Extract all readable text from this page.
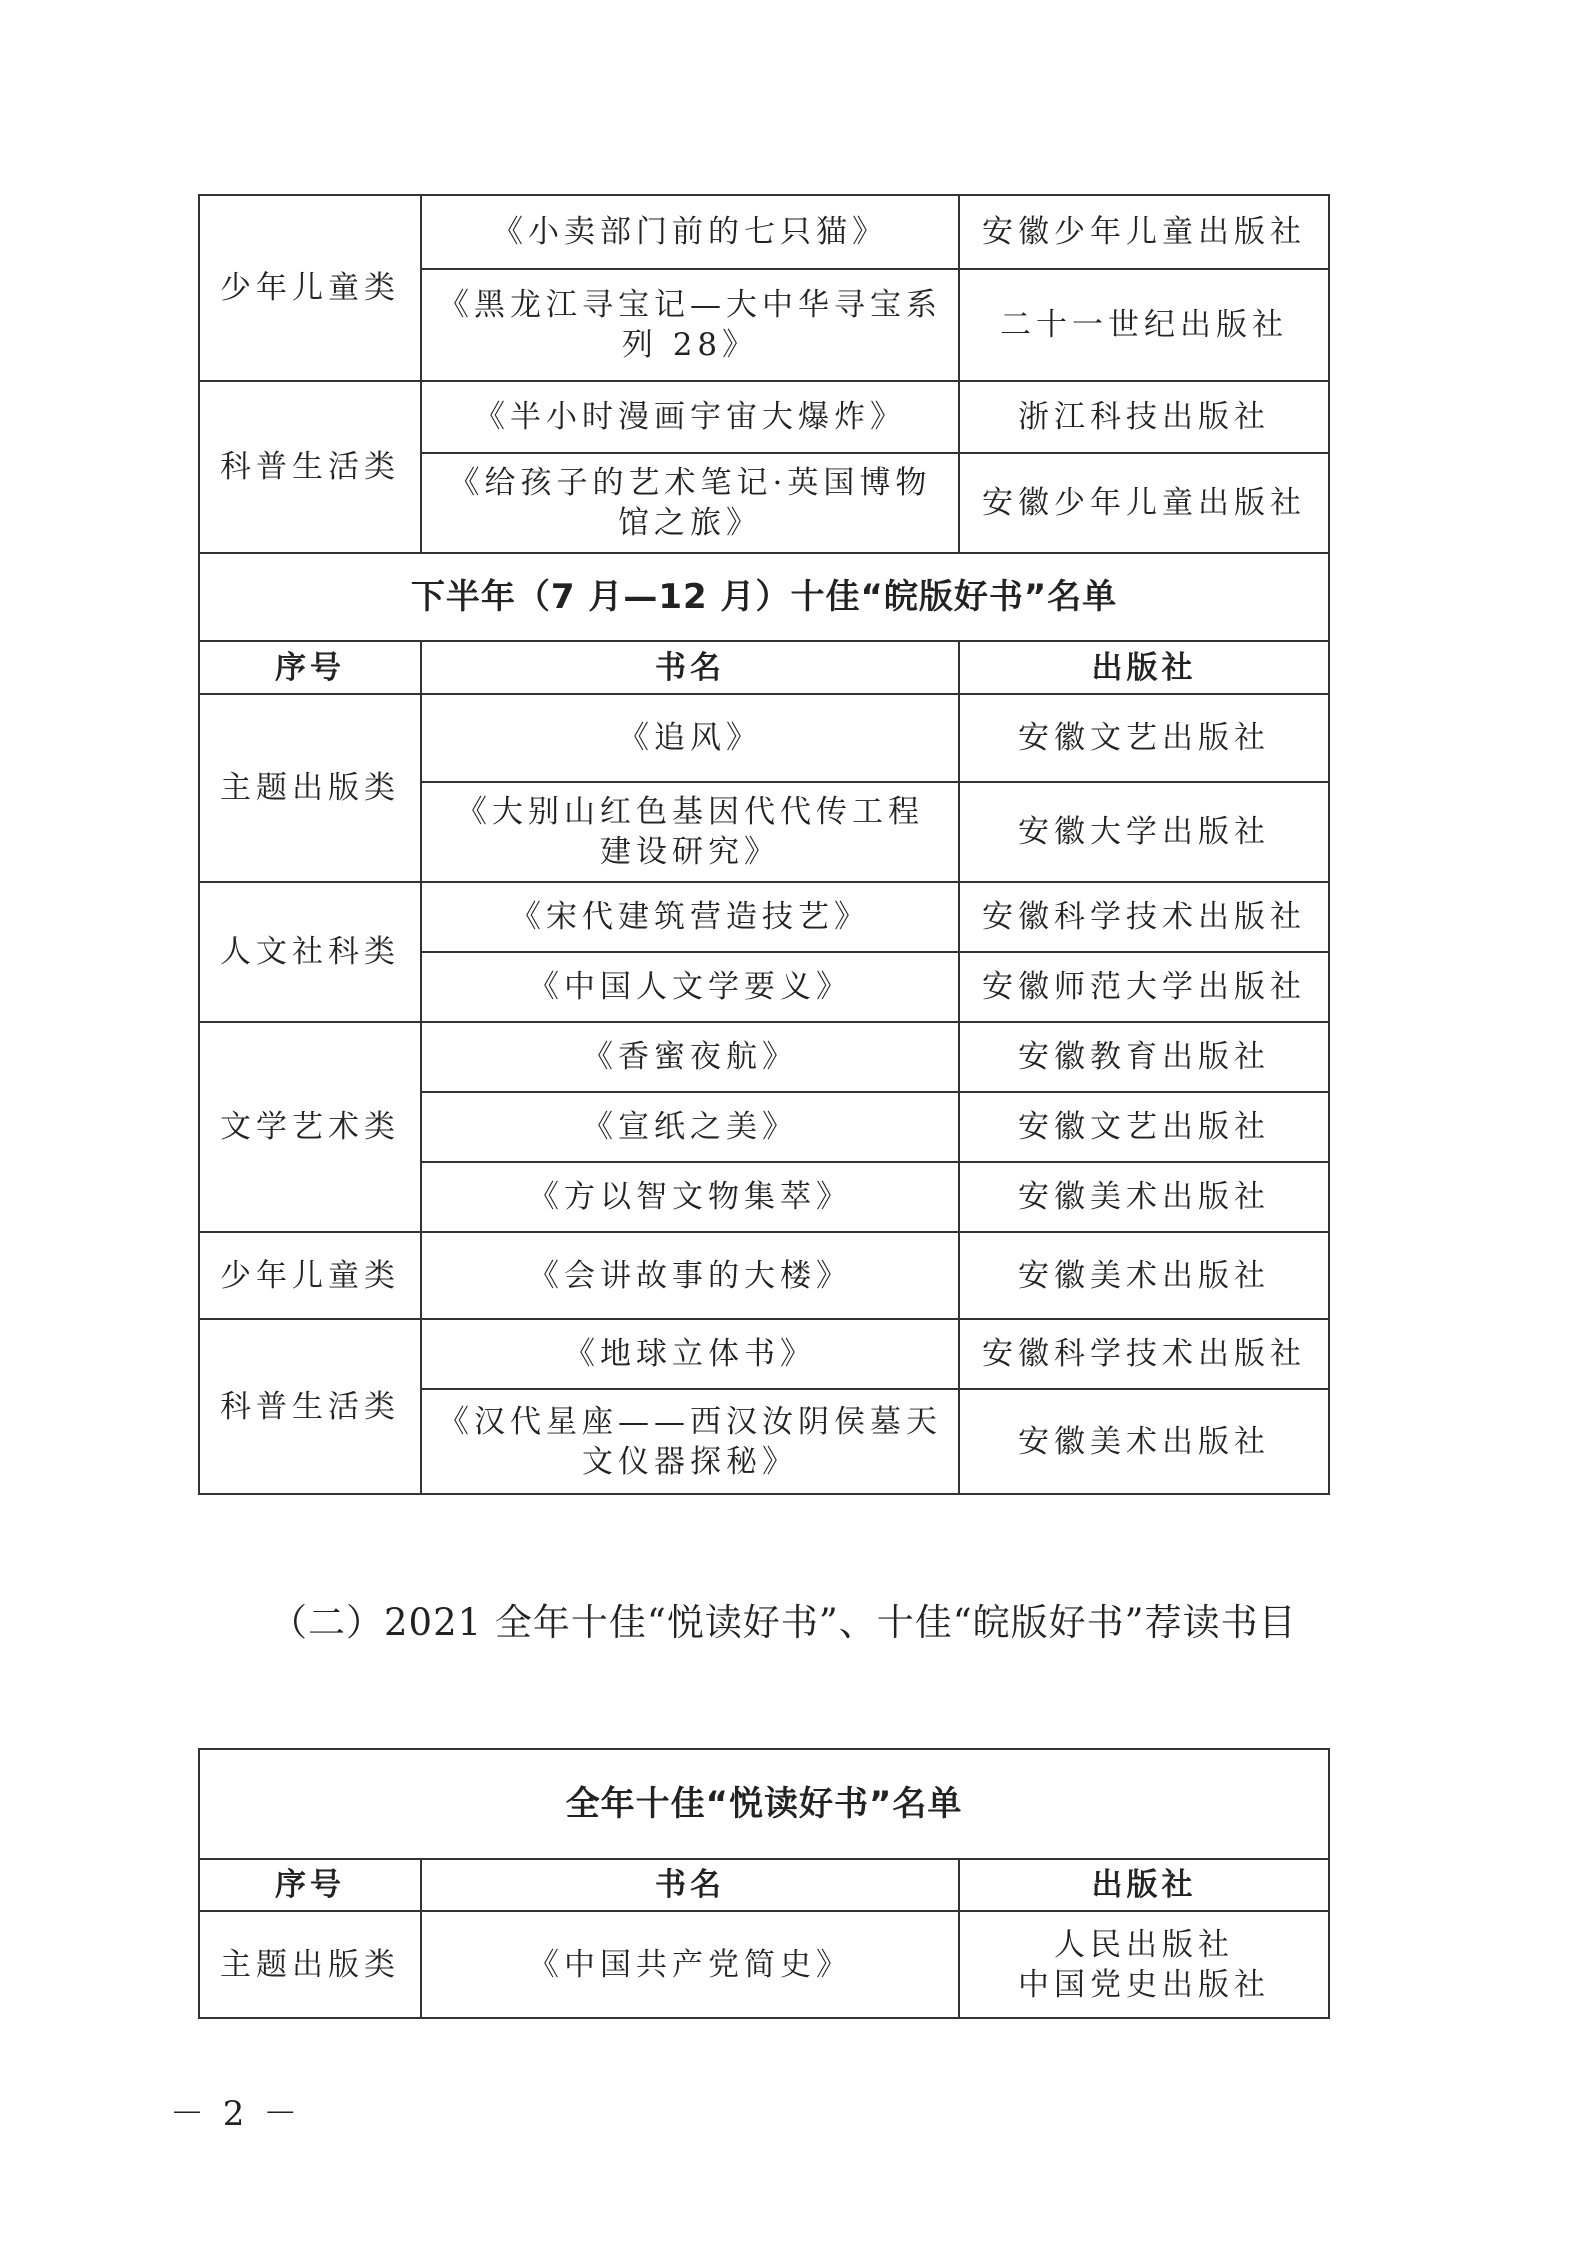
少年儿童类	《小卖部门前的七只猫》	安徽少年儿童出版社

	《黑龙江寻宝记—大中华寻宝系
列 28》	二十一世纪出版社

科普生活类	《半小时漫画宇宙大爆炸》	浙江科技出版社

	《给孩子的艺术笔记·英国博物
馆之旅》	安徽少年儿童出版社

下半年（7 月—12 月）十佳“皖版好书”名单		
序号	书名	出版社
主题出版类	《追风》	安徽文艺出版社

	《大别山红色基因代代传工程
建设研究》	安徽大学出版社

人文社科类	《宋代建筑营造技艺》	安徽科学技术出版社

	《中国人文学要义》	安徽师范大学出版社

文学艺术类	《香蜜夜航》	安徽教育出版社

	《宣纸之美》	安徽文艺出版社

	《方以智文物集萃》	安徽美术出版社

少年儿童类	《会讲故事的大楼》	安徽美术出版社

科普生活类	《地球立体书》	安徽科学技术出版社

	《汉代星座——西汉汝阴侯墓天
文仪器探秘》	安徽美术出版社
（二）2021 全年十佳“悦读好书”、十佳“皖版好书”荐读书目
全年十佳“悦读好书”名单		
序号	书名	出版社
主题出版类	《中国共产党简史》	人民出版社
中国党史出版社
－ 2 －
